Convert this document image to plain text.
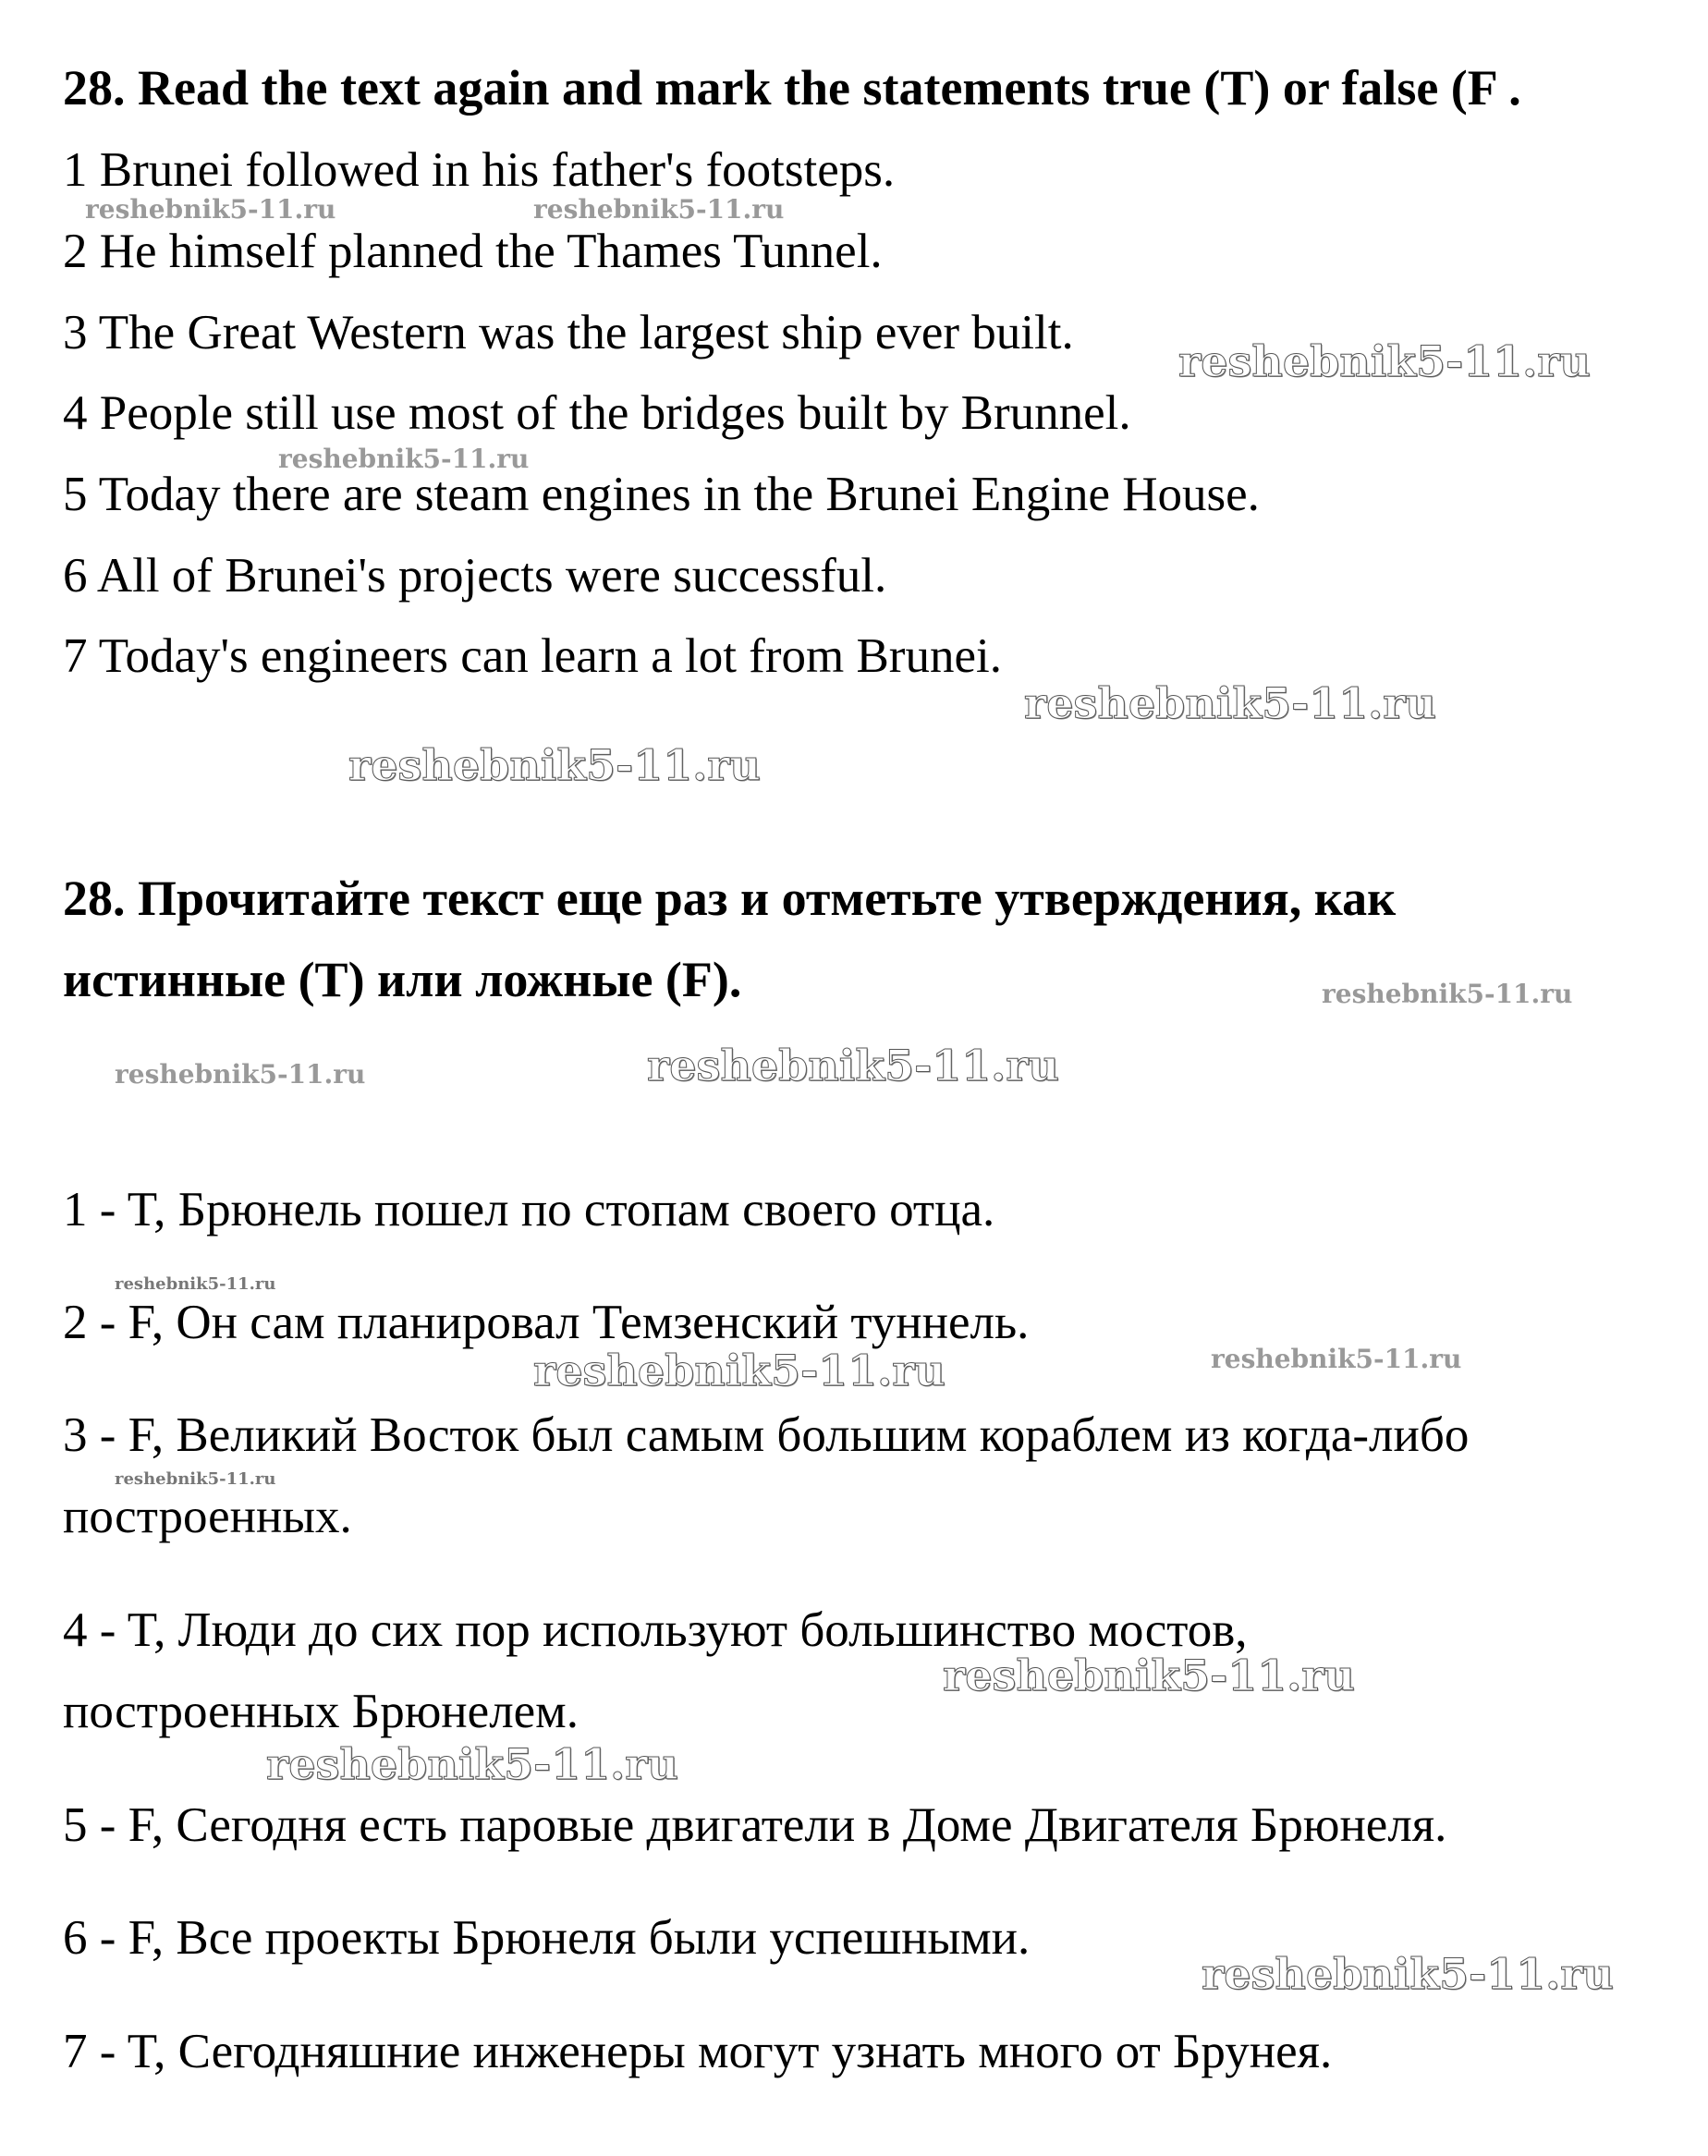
28. Read the text again and mark the statements true (T) or false (F .
1 Brunei followed in his father's footsteps.
2 He himself planned the Thames Tunnel.
3 The Great Western was the largest ship ever built.
4 People still use most of the bridges built by Brunnel.
5 Today there are steam engines in the Brunei Engine House.
6 All of Brunei's projects were successful.
7 Today's engineers can learn a lot from Brunei.
28. Прочитайте текст еще раз и отметьте утверждения, как
истинные (T) или ложные (F).
1 - T, Брюнель пошел по стопам своего отца.
2 - F, Он сам планировал Темзенский туннель.
3 - F, Великий Восток был самым большим кораблем из когда-либо
построенных.
4 - T, Люди до сих пор используют большинство мостов,
построенных Брюнелем.
5 - F, Сегодня есть паровые двигатели в Доме Двигателя Брюнеля.
6 - F, Все проекты Брюнеля были успешными.
7 - T, Сегодняшние инженеры могут узнать много от Брунея.
reshebnik5-11.ru	reshebnik5-11.ru
reshebnik5-11.ru
reshebnik5-11.ru
reshebnik5-11.ru
reshebnik5-11.ru
reshebnik5-11.ru
reshebnik5-11.ru	reshebnik5-11.ru
reshebnik5-11.ru
reshebnik5-11.ru	reshebnik5-11.ru
reshebnik5-11.ru
reshebnik5-11.ru
reshebnik5-11.ru
reshebnik5-11.ru
